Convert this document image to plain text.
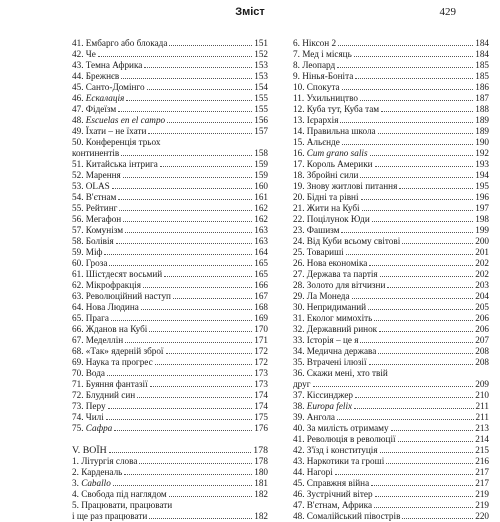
Зміст	429
41. Ембарго або блокада	151
42. Че	152
43. Темна Африка	153
44. Брежнєв	153
45. Санто-Домінго	154
46. Ескалація	155
47. Фідеїзм	155
48. Escuelas en el campo	156
49. Їхати – не їхати	157
50. Конференція трьох
континентів	158
51. Китайська інтрига	159
52. Марення	159
53. OLAS	160
54. В'єтнам	161
55. Рейтинг	162
56. Мегафон	162
57. Комунізм	163
58. Болівія	163
59. Міф	164
60. Гроза	165
61. Шістдесят восьмий	165
62. Мікрофракція	166
63. Революційний наступ	167
64. Нова Людина	168
65. Прага	169
66. Жданов на Кубі	170
67. Меделлін	171
68. «Так» ядерній зброї	172
69. Наука та прогрес	172
70. Вода	173
71. Буяння фантазії	173
72. Блудний син	174
73. Перу	174
74. Чилі	175
75. Сафра	176
V. ВОЇН	178
1. Літургія слова	178
2. Карденаль	180
3. Caballo	181
4. Свобода під наглядом	182
5. Працювати, працювати
і ще раз працювати	182
6. Ніксон 2	184
7. Мед і місяць	184
8. Леопард	185
9. Нінья-Боніта	185
10. Спокута	186
11. Ухильництво	187
12. Куба тут, Куба там	188
13. Ієрархія	189
14. Правильна школа	189
15. Альєнде	190
16. Cum grano salis	192
17. Король Америки	193
18. Збройні сили	194
19. Знову житлові питання	195
20. Бідні та рівні	196
21. Жити на Кубі	197
22. Поцілунок Юди	198
23. Фашизм	199
24. Від Куби всьому світові	200
25. Товариші	201
26. Нова економіка	202
27. Держава та партія	202
28. Золото для вітчизни	203
29. Ла Монеда	204
30. Непридиманий	205
31. Еколог мимохіть	206
32. Державний ринок	206
33. Історія – це я	207
34. Медична держава	208
35. Втрачені ілюзії	208
36. Скажи мені, хто твій
друг	209
37. Кіссинджер	210
38. Europa felix	211
39. Ангола	211
40. За милість отримаму	213
41. Революція в революції	214
42. З'їзд і конституція	215
43. Наркотики та гроші	216
44. Нагорі	217
45. Справжня війна	217
46. Зустрічний вітер	219
47. В'єтнам, Африка	219
48. Сомалійський півострів	220
